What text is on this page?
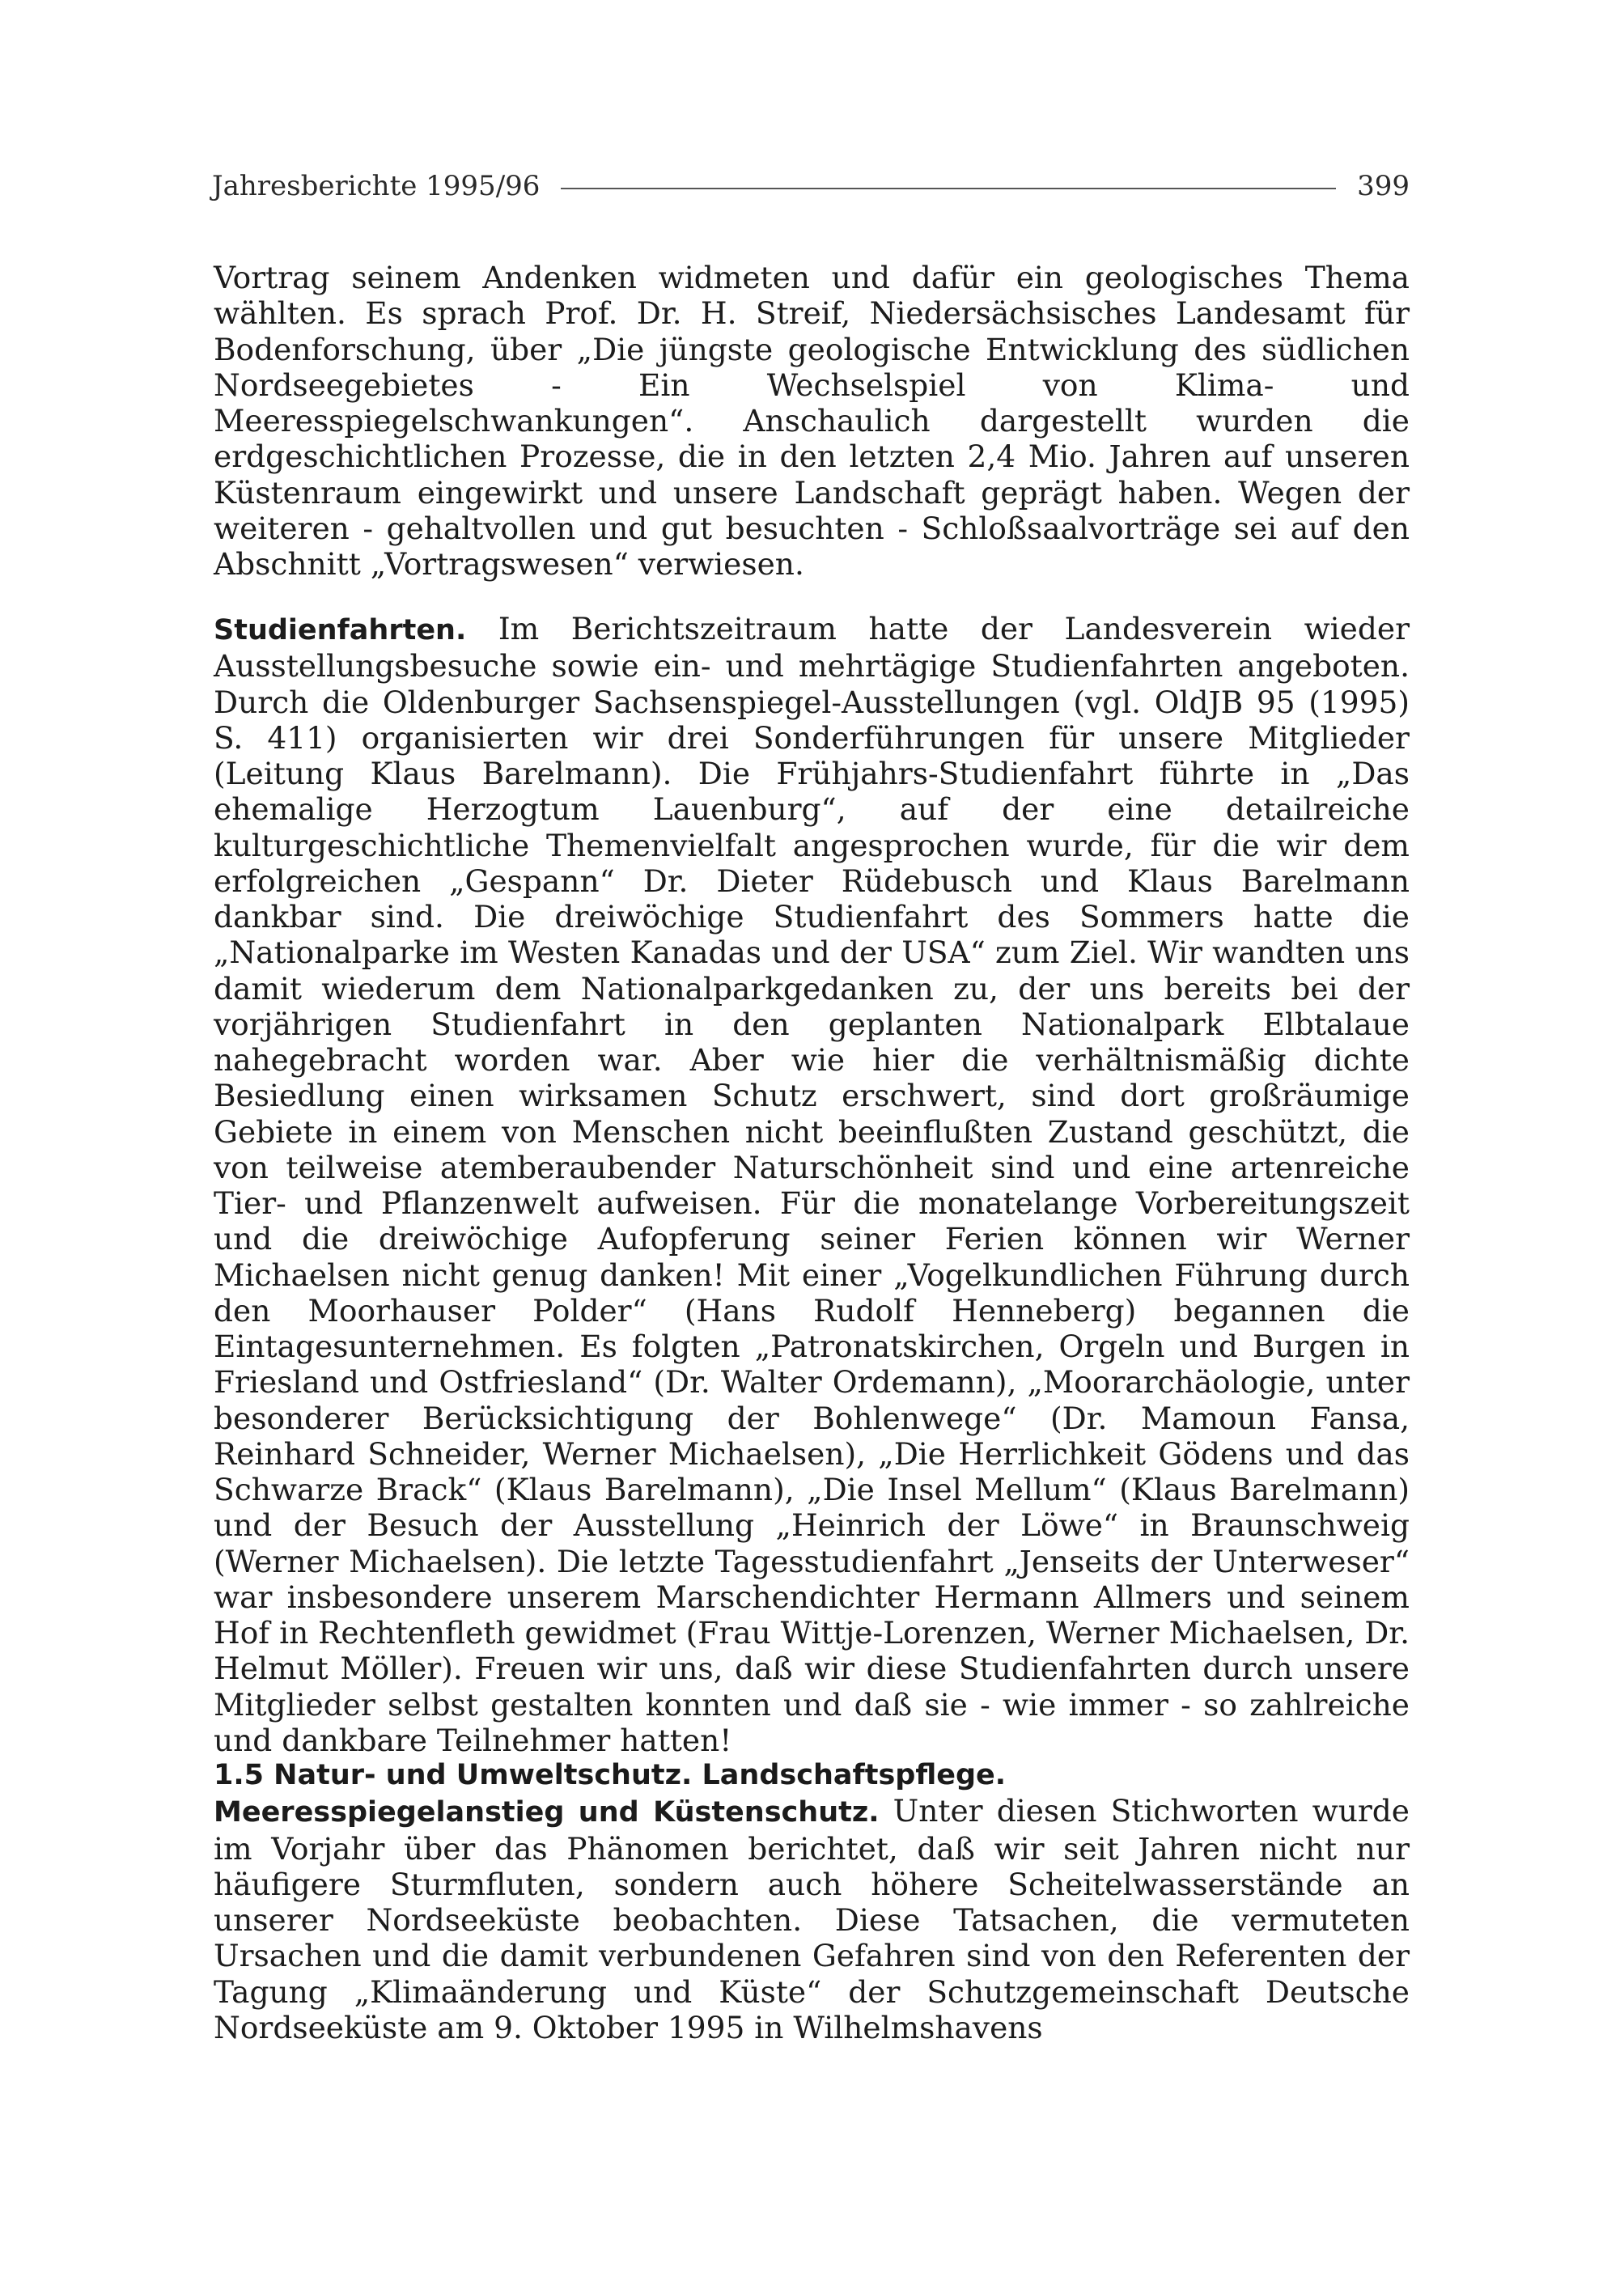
Jahresberichte 1995/96	399

Vortrag seinem Andenken widmeten und dafür ein geologisches Thema wählten. Es sprach Prof. Dr. H. Streif, Niedersächsisches Landesamt für Bodenforschung, über „Die jüngste geologische Entwicklung des südlichen Nordseegebietes - Ein Wechselspiel von Klima- und Meeresspiegelschwankungen“. Anschaulich dargestellt wurden die erdgeschichtlichen Prozesse, die in den letzten 2,4 Mio. Jahren auf unseren Küstenraum eingewirkt und unsere Landschaft geprägt haben. Wegen der weiteren - gehaltvollen und gut besuchten - Schloßsaalvorträge sei auf den Abschnitt „Vortragswesen“ verwiesen.

Studienfahrten. Im Berichtszeitraum hatte der Landesverein wieder Ausstellungsbesuche sowie ein- und mehrtägige Studienfahrten angeboten. Durch die Oldenburger Sachsenspiegel-Ausstellungen (vgl. OldJB 95 (1995) S. 411) organisierten wir drei Sonderführungen für unsere Mitglieder (Leitung Klaus Barelmann). Die Frühjahrs-Studienfahrt führte in „Das ehemalige Herzogtum Lauenburg“, auf der eine detailreiche kulturgeschichtliche Themenvielfalt angesprochen wurde, für die wir dem erfolgreichen „Gespann“ Dr. Dieter Rüdebusch und Klaus Barelmann dankbar sind. Die dreiwöchige Studienfahrt des Sommers hatte die „Nationalparke im Westen Kanadas und der USA“ zum Ziel. Wir wandten uns damit wiederum dem Nationalparkgedanken zu, der uns bereits bei der vorjährigen Studienfahrt in den geplanten Nationalpark Elbtalaue nahegebracht worden war. Aber wie hier die verhältnismäßig dichte Besiedlung einen wirksamen Schutz erschwert, sind dort großräumige Gebiete in einem von Menschen nicht beeinflußten Zustand geschützt, die von teilweise atemberaubender Naturschönheit sind und eine artenreiche Tier- und Pflanzenwelt aufweisen. Für die monatelange Vorbereitungszeit und die dreiwöchige Aufopferung seiner Ferien können wir Werner Michaelsen nicht genug danken! Mit einer „Vogelkundlichen Führung durch den Moorhauser Polder“ (Hans Rudolf Henneberg) begannen die Eintagesunternehmen. Es folgten „Patronatskirchen, Orgeln und Burgen in Friesland und Ostfriesland“ (Dr. Walter Ordemann), „Moorarchäologie, unter besonderer Berücksichtigung der Bohlenwege“ (Dr. Mamoun Fansa, Reinhard Schneider, Werner Michaelsen), „Die Herrlichkeit Gödens und das Schwarze Brack“ (Klaus Barelmann), „Die Insel Mellum“ (Klaus Barelmann) und der Besuch der Ausstellung „Heinrich der Löwe“ in Braunschweig (Werner Michaelsen). Die letzte Tagesstudienfahrt „Jenseits der Unterweser“ war insbesondere unserem Marschendichter Hermann Allmers und seinem Hof in Rechtenfleth gewidmet (Frau Wittje-Lorenzen, Werner Michaelsen, Dr. Helmut Möller). Freuen wir uns, daß wir diese Studienfahrten durch unsere Mitglieder selbst gestalten konnten und daß sie - wie immer - so zahlreiche und dankbare Teilnehmer hatten!

1.5 Natur- und Umweltschutz. Landschaftspflege.

Meeresspiegelanstieg und Küstenschutz. Unter diesen Stichworten wurde im Vorjahr über das Phänomen berichtet, daß wir seit Jahren nicht nur häufigere Sturmfluten, sondern auch höhere Scheitelwasserstände an unserer Nordseeküste beobachten. Diese Tatsachen, die vermuteten Ursachen und die damit verbundenen Gefahren sind von den Referenten der Tagung „Klimaänderung und Küste“ der Schutzgemeinschaft Deutsche Nordseeküste am 9. Oktober 1995 in Wilhelmshavens
